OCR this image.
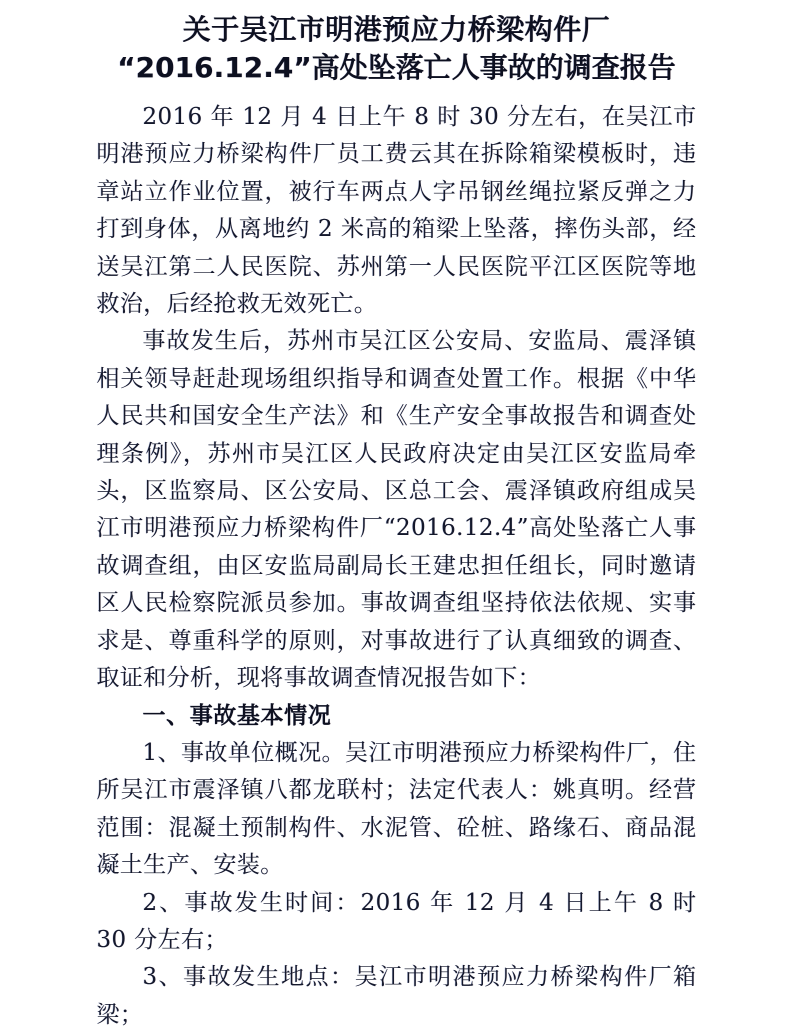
关于吴江市明港预应力桥梁构件厂
“2016.12.4”高处坠落亡人事故的调查报告

2016 年 12 月 4 日上午 8 时 30 分左右，在吴江市明港预应力桥梁构件厂员工费云其在拆除箱梁模板时，违章站立作业位置，被行车两点人字吊钢丝绳拉紧反弹之力打到身体，从离地约 2 米高的箱梁上坠落，摔伤头部，经送吴江第二人民医院、苏州第一人民医院平江区医院等地救治，后经抢救无效死亡。

事故发生后，苏州市吴江区公安局、安监局、震泽镇相关领导赶赴现场组织指导和调查处置工作。根据《中华人民共和国安全生产法》和《生产安全事故报告和调查处理条例》，苏州市吴江区人民政府决定由吴江区安监局牵头，区监察局、区公安局、区总工会、震泽镇政府组成吴江市明港预应力桥梁构件厂“2016.12.4”高处坠落亡人事故调查组，由区安监局副局长王建忠担任组长，同时邀请区人民检察院派员参加。事故调查组坚持依法依规、实事求是、尊重科学的原则，对事故进行了认真细致的调查、取证和分析，现将事故调查情况报告如下：

一、事故基本情况

1、事故单位概况。吴江市明港预应力桥梁构件厂，住所吴江市震泽镇八都龙联村；法定代表人：姚真明。经营范围：混凝土预制构件、水泥管、砼桩、路缘石、商品混凝土生产、安装。

2、事故发生时间：2016 年 12 月 4 日上午 8 时 30 分左右；

3、事故发生地点：吴江市明港预应力桥梁构件厂箱梁；
